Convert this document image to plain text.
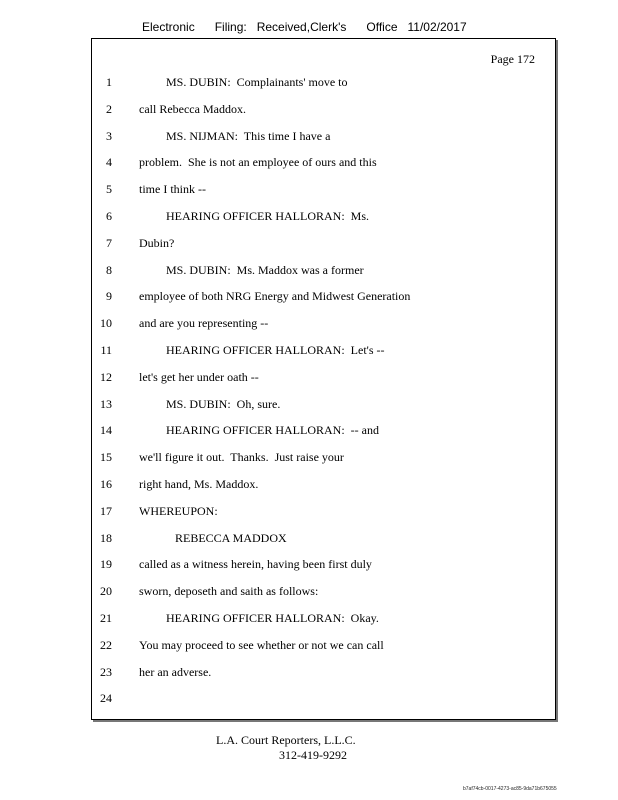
Electronic      Filing:   Received,Clerk's      Office   11/02/2017
Page 172
1 MS. DUBIN:  Complainants' move to
2 call Rebecca Maddox.
3 MS. NIJMAN:  This time I have a
4 problem.  She is not an employee of ours and this
5 time I think --
6 HEARING OFFICER HALLORAN:  Ms.
7 Dubin?
8 MS. DUBIN:  Ms. Maddox was a former
9 employee of both NRG Energy and Midwest Generation
10 and are you representing --
11 HEARING OFFICER HALLORAN:  Let's --
12 let's get her under oath --
13 MS. DUBIN:  Oh, sure.
14 HEARING OFFICER HALLORAN:  -- and
15 we'll figure it out.  Thanks.  Just raise your
16 right hand, Ms. Maddox.
17 WHEREUPON:
18 REBECCA MADDOX
19 called as a witness herein, having been first duly
20 sworn, deposeth and saith as follows:
21 HEARING OFFICER HALLORAN:  Okay.
22 You may proceed to see whether or not we can call
23 her an adverse.
24
L.A. Court Reporters, L.L.C.
312-419-9292
b7af74cb-0017-4273-ac85-9da71b675055
